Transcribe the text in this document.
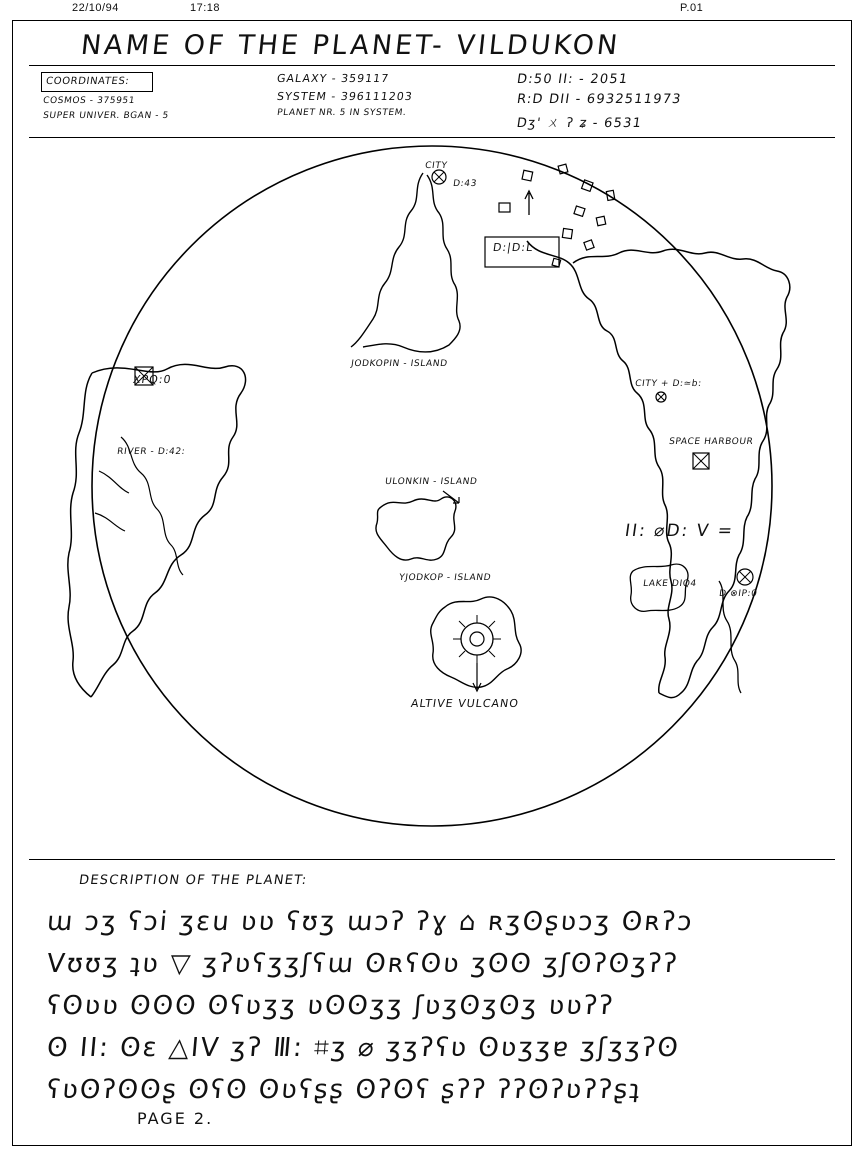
22/10/94	17:18	P.01
NAME OF THE PLANET- VILDUKON
COORDINATES:
COSMOS - 375951
SUPER UNIVER. BGAN - 5
GALAXY - 359117
SYSTEM - 396111203
PLANET NR. 5 IN SYSTEM.
D:50 II: - 2051
R:D DII - 6932511973
Dʒ' ㄨ ʔ ʑ - 6531
CITY
D:43
D:|D:L
JODKOPIN - ISLAND
CITY + D:≃b:
SPACE HARBOUR
ULONKIN - ISLAND
RIVER - D:42:
XPQ:0
II: ⌀D: V =
YJODKOP - ISLAND
LAKE DIQ4
D ⊗IP:0
ALTIVE VULCANO
DESCRIPTION OF THE PLANET:
ɯ ɔʒ ʕɔi ʒɛu ʋʋ ʕʊʒ ɯɔʔ ʔɣ ⌂ ʀʒʘʂʋɔʒ ʘʀʔɔ
Vʊʊʒ ʇʋ ▽ ʒʔʋʕʒʒʃʕɯ ʘʀʕʘʋ ʒʘʘ ʒʃʘʔʘʒʔʔ
ʕʘʋʋ ʘʘʘ ʘʕʋʒʒ ʋʘʘʒʒ ʃʋʒʘʒʘʒ ʋʋʔʔ
ʘ II: ʘɛ △IV ʒʔ Ⅲ: ⌗ʒ ⌀ ʒʒʔʕʋ ʘʋʒʒɐ ʒʃʒʒʔʘ
ʕʋʘʔʘʘʂ ʘʕʘ ʘʋʕʂʂ ʘʔʘʕ ʂʔʔ ʔʔʘʔʋʔʔʂʇ
PAGE 2.
